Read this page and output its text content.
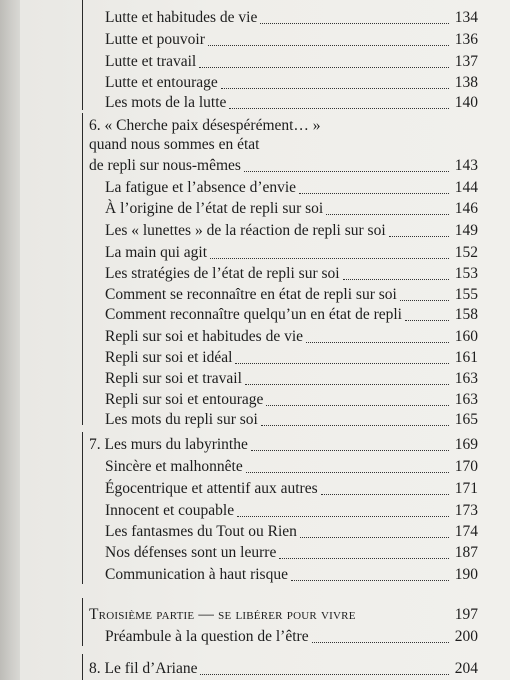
Lutte et habitudes de vie	134
Lutte et pouvoir	136
Lutte et travail	137
Lutte et entourage	138
Les mots de la lutte	140
6. « Cherche paix désespérément… »
quand nous sommes en état
de repli sur nous-mêmes	143
La fatigue et l’absence d’envie	144
À l’origine de l’état de repli sur soi	146
Les « lunettes » de la réaction de repli sur soi	149
La main qui agit	152
Les stratégies de l’état de repli sur soi	153
Comment se reconnaître en état de repli sur soi	155
Comment reconnaître quelqu’un en état de repli	158
Repli sur soi et habitudes de vie	160
Repli sur soi et idéal	161
Repli sur soi et travail	163
Repli sur soi et entourage	163
Les mots du repli sur soi	165
7. Les murs du labyrinthe	169
Sincère et malhonnête	170
Égocentrique et attentif aux autres	171
Innocent et coupable	173
Les fantasmes du Tout ou Rien	174
Nos défenses sont un leurre	187
Communication à haut risque	190
Troisième partie — se libérer pour vivre	197
Préambule à la question de l’être	200
8. Le fil d’Ariane	204
